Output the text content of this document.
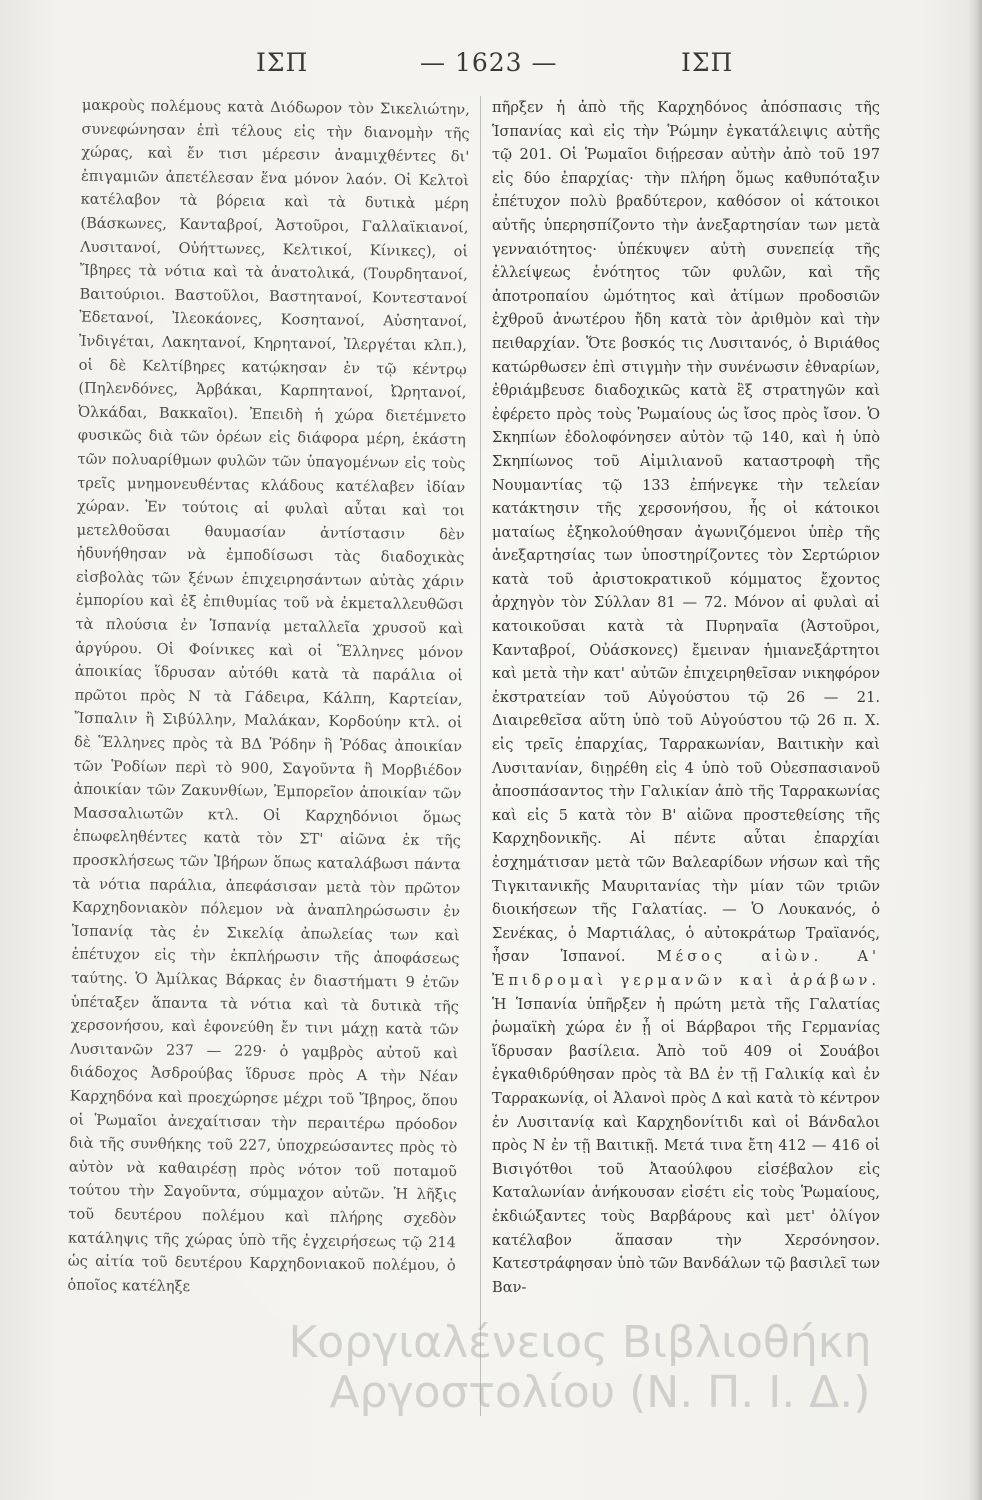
ΙΣΠ	— 1623 —	ΙΣΠ

μακροὺς πολέμους κατὰ Διόδωρον τὸν Σικελιώτην, συνεφώνησαν ἐπὶ τέλους εἰς τὴν διανομὴν τῆς χώρας, καὶ ἔν τισι μέρεσιν ἀναμιχθέντες δι' ἐπιγαμιῶν ἀπετέλεσαν ἕνα μόνον λαόν. Οἱ Κελτοὶ κατέλαβον τὰ βόρεια καὶ τὰ δυτικὰ μέρη (Βάσκωνες, Κανταβροί, Ἀστοῦροι, Γαλλαϊκιανοί, Λυσιτανοί, Οὐήττωνες, Κελτικοί, Κίνικες), οἱ Ἴβηρες τὰ νότια καὶ τὰ ἀνατολικά, (Τουρδητανοί, Βαιτούριοι. Βαστοῦλοι, Βαστητανοί, Κοντεστανοί Ἐδετανοί, Ἰλεοκάονες, Κοσητανοί, Αὐσητανοί, Ἰνδιγέται, Λακητανοί, Κηρητανοί, Ἰλεργέται κλπ.), οἱ δὲ Κελτίβηρες κατῴκησαν ἐν τῷ κέντρῳ (Πηλενδόνες, Ἀρβάκαι, Καρπητανοί, Ὠρητανοί, Ὀλκάδαι, Βακκαῖοι). Ἐπειδὴ ἡ χώρα διετέμνετο φυσικῶς διὰ τῶν ὀρέων εἰς διάφορα μέρη, ἑκάστη τῶν πολυαρίθμων φυλῶν τῶν ὑπαγομένων εἰς τοὺς τρεῖς μνημονευθέντας κλάδους κατέλαβεν ἰδίαν χώραν. Ἐν τούτοις αἱ φυλαὶ αὗται καὶ τοι μετελθοῦσαι θαυμασίαν ἀντίστασιν δὲν ἠδυνήθησαν νὰ ἐμποδίσωσι τὰς διαδοχικὰς εἰσβολὰς τῶν ξένων ἐπιχειρησάντων αὐτὰς χάριν ἐμπορίου καὶ ἐξ ἐπιθυμίας τοῦ νὰ ἐκμεταλλευθῶσι τὰ πλούσια ἐν Ἱσπανίᾳ μεταλλεῖα χρυσοῦ καὶ ἀργύρου. Οἱ Φοίνικες καὶ οἱ Ἕλληνες μόνον ἀποικίας ἵδρυσαν αὐτόθι κατὰ τὰ παράλια οἱ πρῶτοι πρὸς Ν τὰ Γάδειρα, Κάλπη, Καρτείαν, Ἴσπαλιν ἢ Σιβύλλην, Μαλάκαν, Κορδούην κτλ. οἱ δὲ Ἕλληνες πρὸς τὰ ΒΔ Ῥόδην ἢ Ῥόδας ἀποικίαν τῶν Ῥοδίων περὶ τὸ 900, Σαγοῦντα ἢ Μορβιέδον ἀποικίαν τῶν Ζακυνθίων, Ἐμπορεῖον ἀποικίαν τῶν Μασσαλιωτῶν κτλ. Οἱ Καρχηδόνιοι ὅμως ἐπωφεληθέντες κατὰ τὸν ΣΤ' αἰῶνα ἐκ τῆς προσκλήσεως τῶν Ἰβήρων ὅπως καταλάβωσι πάντα τὰ νότια παράλια, ἀπεφάσισαν μετὰ τὸν πρῶτον Καρχηδονιακὸν πόλεμον νὰ ἀναπληρώσωσιν ἐν Ἱσπανίᾳ τὰς ἐν Σικελίᾳ ἀπωλείας των καὶ ἐπέτυχον εἰς τὴν ἐκπλήρωσιν τῆς ἀποφάσεως ταύτης. Ὁ Ἀμίλκας Βάρκας ἐν διαστήματι 9 ἐτῶν ὑπέταξεν ἅπαντα τὰ νότια καὶ τὰ δυτικὰ τῆς χερσονήσου, καὶ ἐφονεύθη ἔν τινι μάχῃ κατὰ τῶν Λυσιτανῶν 237 — 229· ὁ γαμβρὸς αὐτοῦ καὶ διάδοχος Ἀσδρούβας ἵδρυσε πρὸς Α τὴν Νέαν Καρχηδόνα καὶ προεχώρησε μέχρι τοῦ Ἴβηρος, ὅπου οἱ Ῥωμαῖοι ἀνεχαίτισαν τὴν περαιτέρω πρόοδον διὰ τῆς συνθήκης τοῦ 227, ὑποχρεώσαντες πρὸς τὸ αὐτὸν νὰ καθαιρέσῃ πρὸς νότον τοῦ ποταμοῦ τούτου τὴν Σαγοῦντα, σύμμαχον αὐτῶν. Ἡ λῆξις τοῦ δευτέρου πολέμου καὶ πλήρης σχεδὸν κατάληψις τῆς χώρας ὑπὸ τῆς ἐγχειρήσεως τῷ 214 ὡς αἰτία τοῦ δευτέρου Καρχηδονιακοῦ πολέμου, ὁ ὁποῖος κατέληξε

πῆρξεν ἡ ἀπὸ τῆς Καρχηδόνος ἀπόσπασις τῆς Ἱσπανίας καὶ εἰς τὴν Ῥώμην ἐγκατάλειψις αὐτῆς τῷ 201. Οἱ Ῥωμαῖοι διῄρεσαν αὐτὴν ἀπὸ τοῦ 197 εἰς δύο ἐπαρχίας· τὴν πλήρη ὅμως καθυπόταξιν ἐπέτυχον πολὺ βραδύτερον, καθόσον οἱ κάτοικοι αὐτῆς ὑπερησπίζοντο τὴν ἀνεξαρτησίαν των μετὰ γενναιότητος· ὑπέκυψεν αὐτὴ συνεπείᾳ τῆς ἐλλείψεως ἑνότητος τῶν φυλῶν, καὶ τῆς ἀποτροπαίου ὠμότητος καὶ ἀτίμων προδοσιῶν ἐχθροῦ ἀνωτέρου ἤδη κατὰ τὸν ἀριθμὸν καὶ τὴν πειθαρχίαν. Ὅτε βοσκός τις Λυσιτανός, ὁ Βιριάθος κατώρθωσεν ἐπὶ στιγμὴν τὴν συνένωσιν ἐθναρίων, ἐθριάμβευσε διαδοχικῶς κατὰ ἓξ στρατηγῶν καὶ ἐφέρετο πρὸς τοὺς Ῥωμαίους ὡς ἴσος πρὸς ἴσον. Ὁ Σκηπίων ἐδολοφόνησεν αὐτὸν τῷ 140, καὶ ἡ ὑπὸ Σκηπίωνος τοῦ Αἰμιλιανοῦ καταστροφὴ τῆς Νουμαντίας τῷ 133 ἐπήνεγκε τὴν τελείαν κατάκτησιν τῆς χερσονήσου, ἧς οἱ κάτοικοι ματαίως ἐξηκολούθησαν ἀγωνιζόμενοι ὑπὲρ τῆς ἀνεξαρτησίας των ὑποστηρίζοντες τὸν Σερτώριον κατὰ τοῦ ἀριστοκρατικοῦ κόμματος ἔχοντος ἀρχηγὸν τὸν Σύλλαν 81 — 72. Μόνον αἱ φυλαὶ αἱ κατοικοῦσαι κατὰ τὰ Πυρηναῖα (Ἀστοῦροι, Κανταβροί, Οὐάσκονες) ἔμειναν ἡμιανεξάρτητοι καὶ μετὰ τὴν κατ' αὐτῶν ἐπιχειρηθεῖσαν νικηφόρον ἐκστρατείαν τοῦ Αὐγούστου τῷ 26 — 21. Διαιρεθεῖσα αὕτη ὑπὸ τοῦ Αὐγούστου τῷ 26 π. Χ. εἰς τρεῖς ἐπαρχίας, Ταρρακωνίαν, Βαιτικὴν καὶ Λυσιτανίαν, διῃρέθη εἰς 4 ὑπὸ τοῦ Οὐεσπασιανοῦ ἀποσπάσαντος τὴν Γαλικίαν ἀπὸ τῆς Ταρρακωνίας καὶ εἰς 5 κατὰ τὸν Β' αἰῶνα προστεθείσης τῆς Καρχηδονικῆς. Αἱ πέντε αὗται ἐπαρχίαι ἐσχημάτισαν μετὰ τῶν Βαλεαρίδων νήσων καὶ τῆς Τιγκιτανικῆς Μαυριτανίας τὴν μίαν τῶν τριῶν διοικήσεων τῆς Γαλατίας. — Ὁ Λουκανός, ὁ Σενέκας, ὁ Μαρτιάλας, ὁ αὐτοκράτωρ Τραϊανός, ἦσαν Ἱσπανοί. Μέσος αἰὼν. Α' Ἐπιδρομαὶ γερμανῶν καὶ ἀράβων. Ἡ Ἱσπανία ὑπῆρξεν ἡ πρώτη μετὰ τῆς Γαλατίας ῥωμαϊκὴ χώρα ἐν ᾗ οἱ Βάρβαροι τῆς Γερμανίας ἵδρυσαν βασίλεια. Ἀπὸ τοῦ 409 οἱ Σουάβοι ἐγκαθιδρύθησαν πρὸς τὰ ΒΔ ἐν τῇ Γαλικίᾳ καὶ ἐν Ταρρακωνίᾳ, οἱ Ἀλανοὶ πρὸς Δ καὶ κατὰ τὸ κέντρον ἐν Λυσιτανίᾳ καὶ Καρχηδονίτιδι καὶ οἱ Βάνδαλοι πρὸς Ν ἐν τῇ Βαιτικῇ. Μετά τινα ἔτη 412 — 416 οἱ Βισιγότθοι τοῦ Ἀταούλφου εἰσέβαλον εἰς Καταλωνίαν ἀνήκουσαν εἰσέτι εἰς τοὺς Ῥωμαίους, ἐκδιώξαντες τοὺς Βαρβάρους καὶ μετ' ὀλίγον κατέλαβον ἅπασαν τὴν Χερσόνησον. Κατεστράφησαν ὑπὸ τῶν Βανδάλων τῷ βασιλεῖ των Βαν-

Κοργιαλένειος Βιβλιοθήκη
Αργοστολίου (Ν. Π. Ι. Δ.)
